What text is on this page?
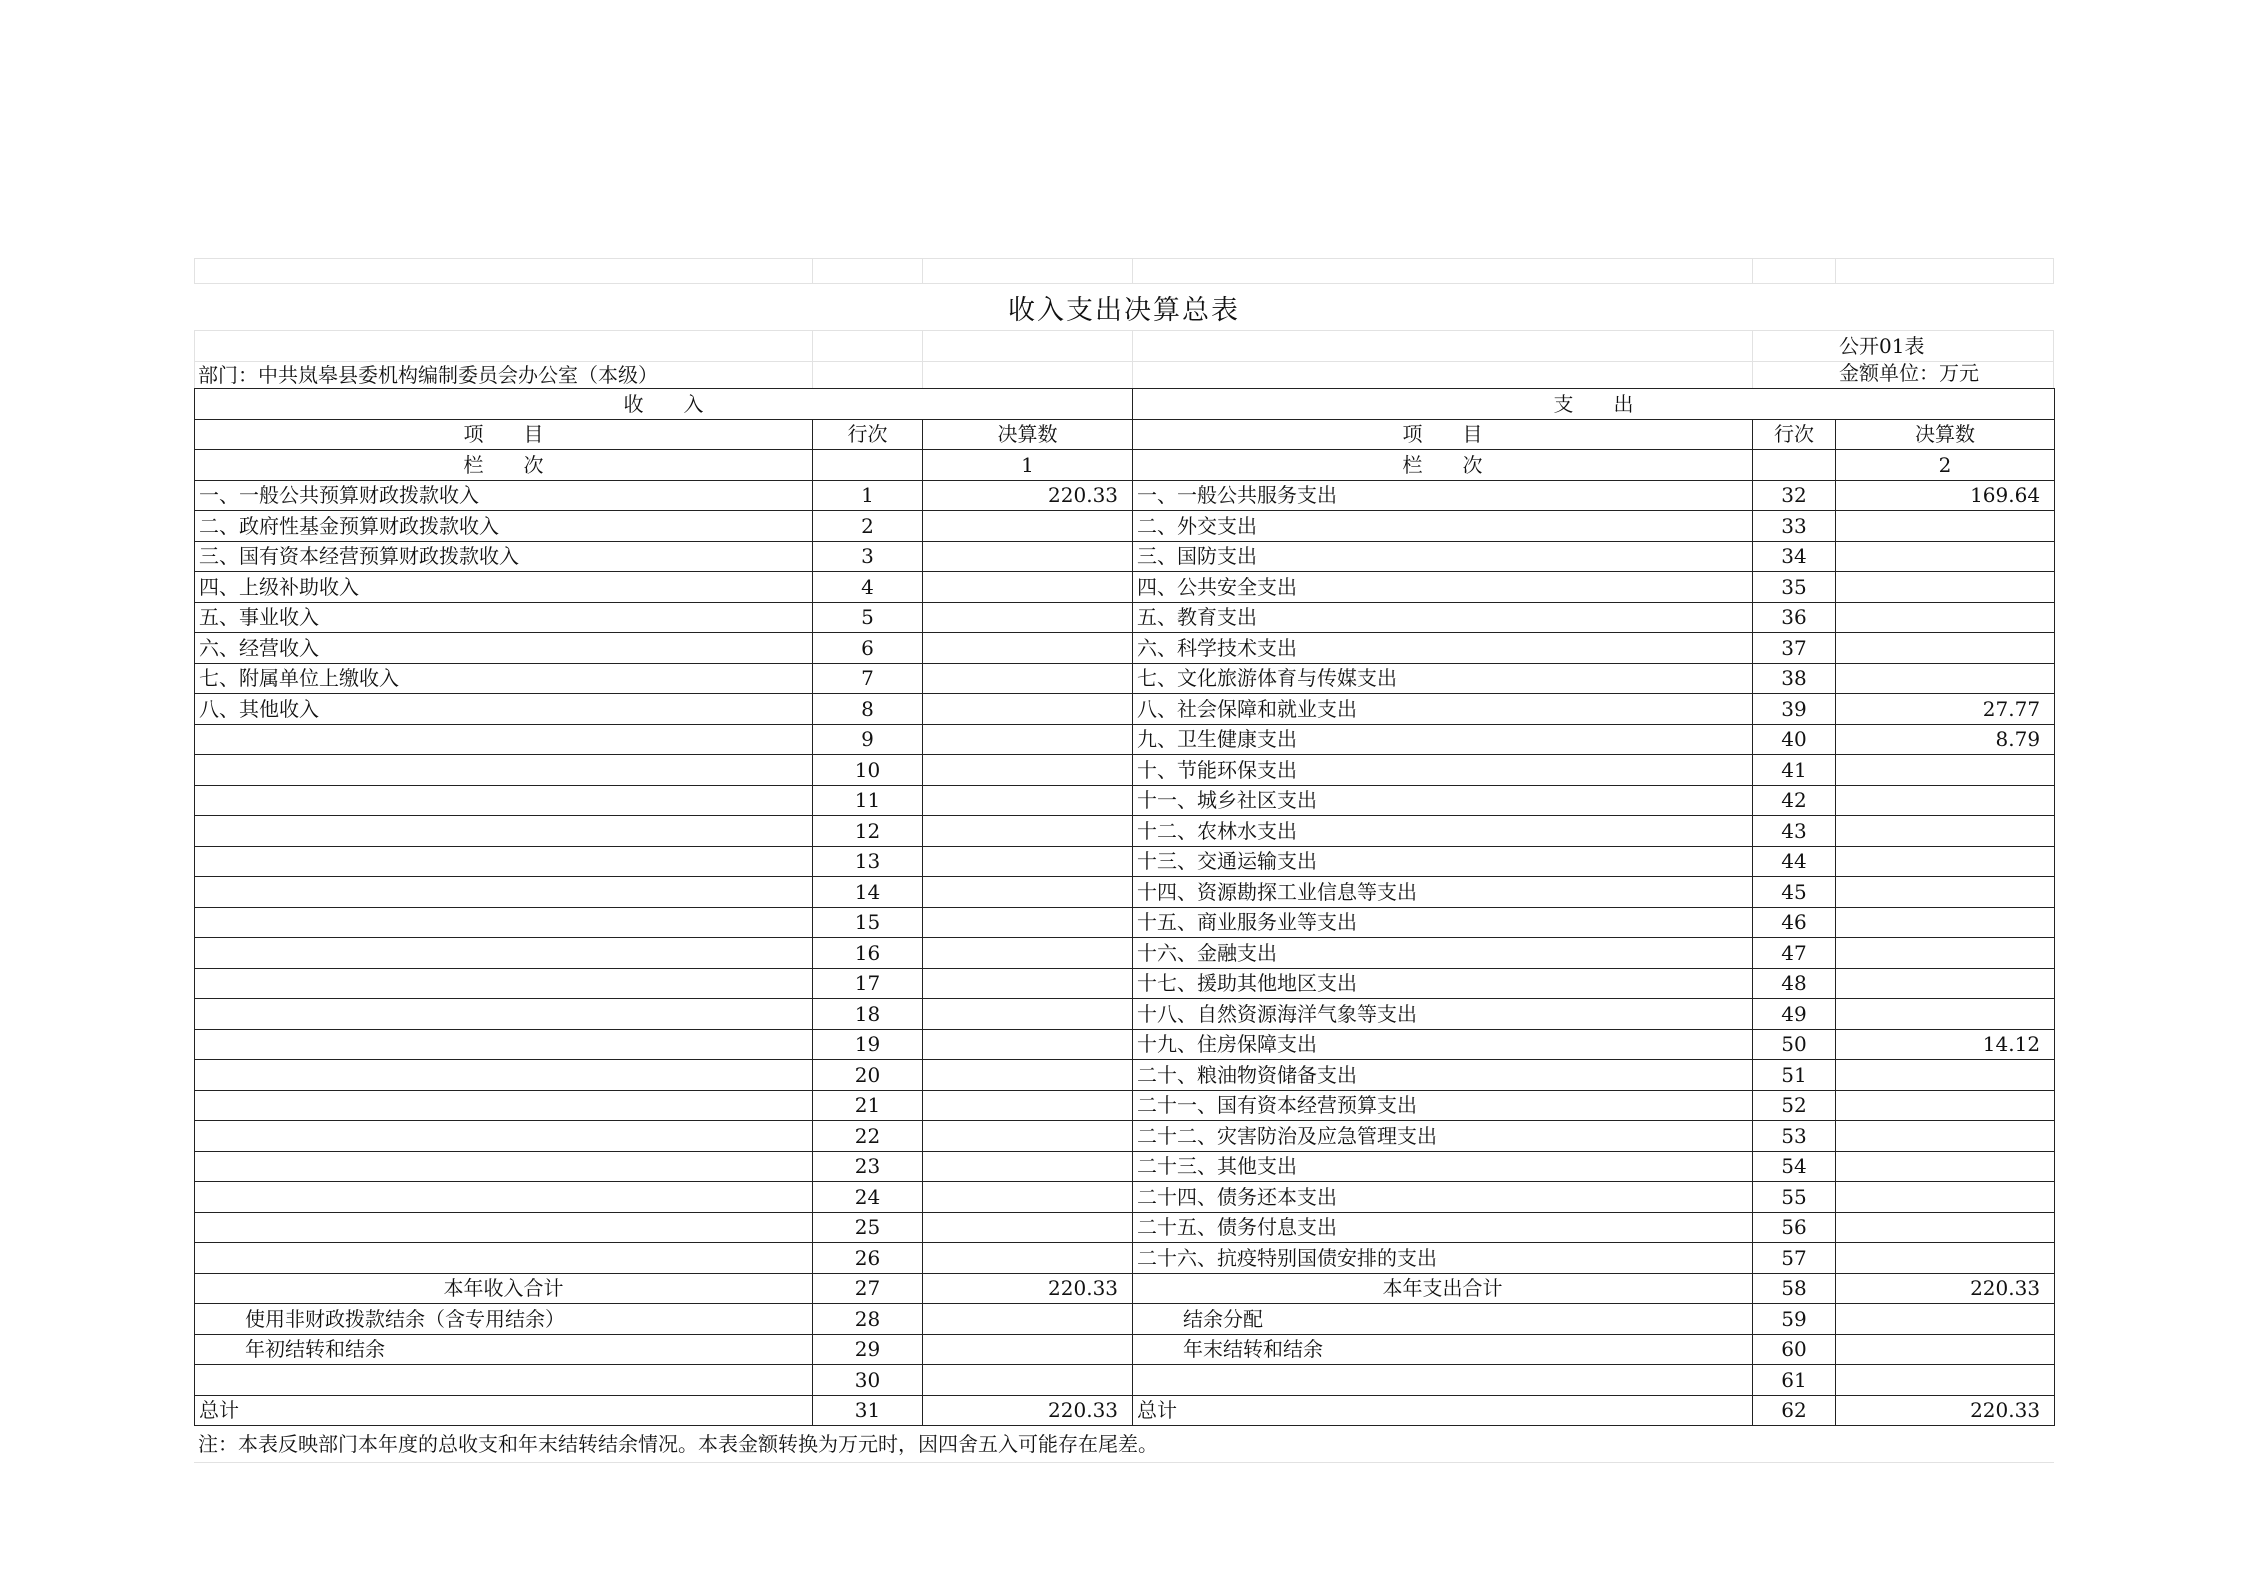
收入支出决算总表
公开01表
部门：中共岚皋县委机构编制委员会办公室（本级）	金额单位：万元
收　　入			支　　出		
项　　目	行次	决算数	项　　目	行次	决算数
栏　　次		1	栏　　次		2
一、一般公共预算财政拨款收入	1	220.33	一、一般公共服务支出	32	169.64
二、政府性基金预算财政拨款收入	2		二、外交支出	33	
三、国有资本经营预算财政拨款收入	3		三、国防支出	34	
四、上级补助收入	4		四、公共安全支出	35	
五、事业收入	5		五、教育支出	36	
六、经营收入	6		六、科学技术支出	37	
七、附属单位上缴收入	7		七、文化旅游体育与传媒支出	38	
八、其他收入	8		八、社会保障和就业支出	39	27.77
	9		九、卫生健康支出	40	8.79
	10		十、节能环保支出	41	
	11		十一、城乡社区支出	42	
	12		十二、农林水支出	43	
	13		十三、交通运输支出	44	
	14		十四、资源勘探工业信息等支出	45	
	15		十五、商业服务业等支出	46	
	16		十六、金融支出	47	
	17		十七、援助其他地区支出	48	
	18		十八、自然资源海洋气象等支出	49	
	19		十九、住房保障支出	50	14.12
	20		二十、粮油物资储备支出	51	
	21		二十一、国有资本经营预算支出	52	
	22		二十二、灾害防治及应急管理支出	53	
	23		二十三、其他支出	54	
	24		二十四、债务还本支出	55	
	25		二十五、债务付息支出	56	
	26		二十六、抗疫特别国债安排的支出	57	
本年收入合计	27	220.33	本年支出合计	58	220.33
使用非财政拨款结余（含专用结余）	28		结余分配	59	
年初结转和结余	29		年末结转和结余	60	
	30			61	
总计	31	220.33	总计	62	220.33
注：本表反映部门本年度的总收支和年末结转结余情况。本表金额转换为万元时，因四舍五入可能存在尾差。
